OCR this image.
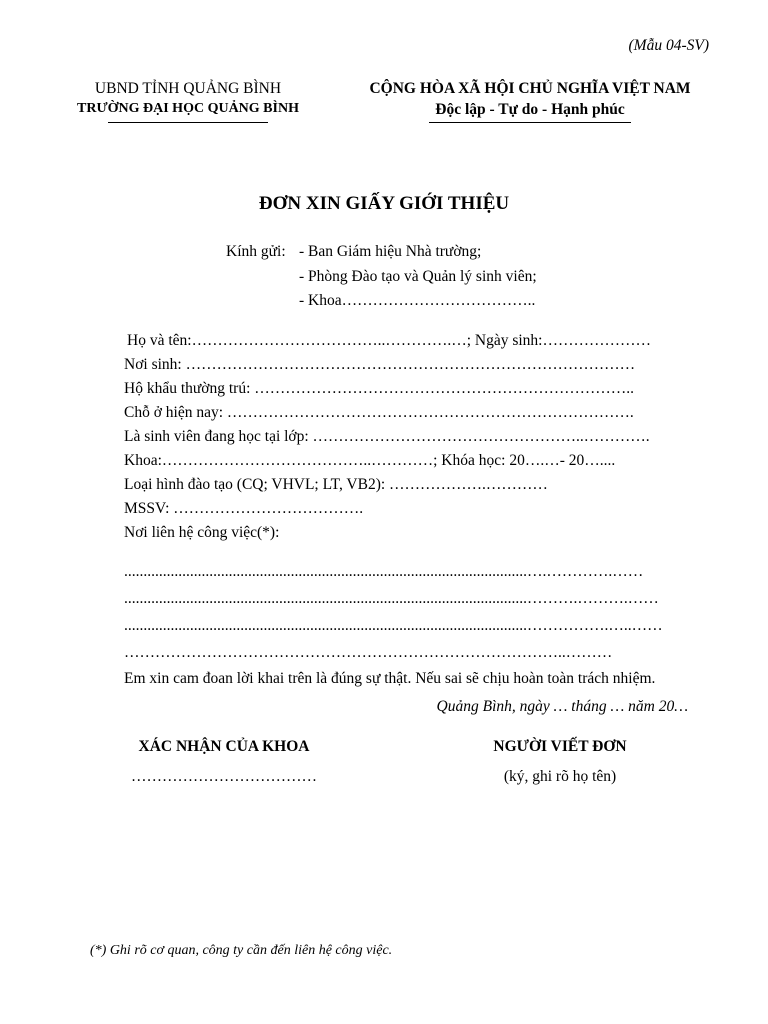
(Mẫu 04-SV)
UBND TỈNH QUẢNG BÌNH
TRƯỜNG ĐẠI HỌC QUẢNG BÌNH
CỘNG HÒA XÃ HỘI CHỦ NGHĨA VIỆT NAM
Độc lập - Tự do - Hạnh phúc
ĐƠN XIN GIẤY GIỚI THIỆU
Kính gửi: - Ban Giám hiệu Nhà trường;
- Phòng Đào tạo và Quản lý sinh viên;
- Khoa………………………………..
Họ và tên:………………………………..………….…; Ngày sinh:…………………
Nơi sinh: ……………………………………………………………………………
Hộ khẩu thường trú: ………………………………………………………………..
Chỗ ở hiện nay: …………………………………………………………………….
Là sinh viên đang học tại lớp: ……………………………………………..………….
Khoa:…………………………………..…………; Khóa học: 20….…- 20…....
Loại hình đào tạo (CQ; VHVL; LT, VB2): ……………….…………
MSSV: ……………………………….
Nơi liên hệ công việc(*):
........................................................................................................….………….……
........................................................................................................……….……….……
........................................................................................................…………….…..……
…………………………………………………………………………..………
Em xin cam đoan lời khai trên là đúng sự thật. Nếu sai sẽ chịu hoàn toàn trách nhiệm.
Quảng Bình, ngày … tháng … năm 20…
XÁC NHẬN CỦA KHOA
………………………………
NGƯỜI VIẾT ĐƠN
(ký, ghi rõ họ tên)
(*) Ghi rõ cơ quan, công ty cần đến liên hệ công việc.
